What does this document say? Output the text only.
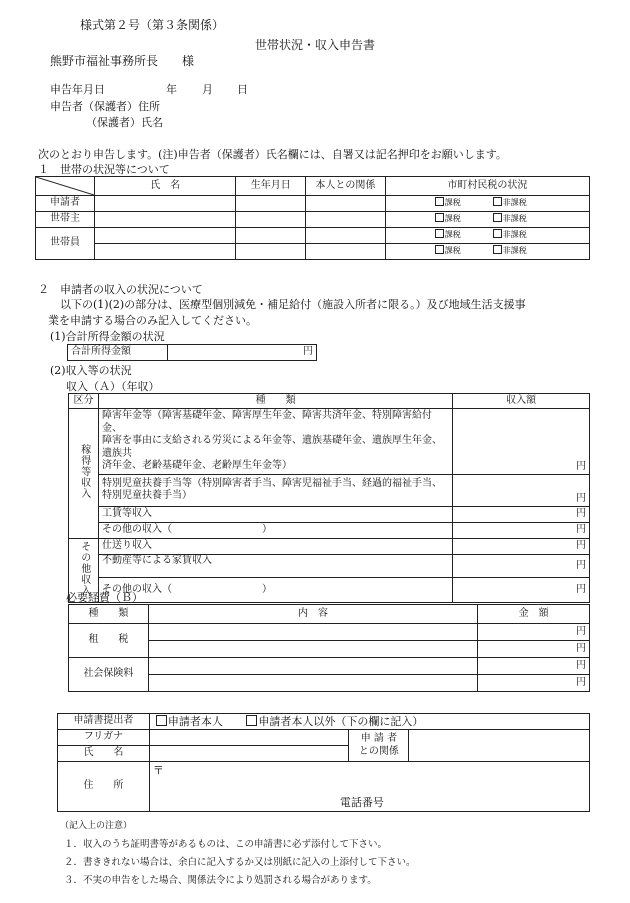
様式第２号（第３条関係）
世帯状況・収入申告書
熊野市福祉事務所長　　様
申告年月日	年 月 日
申告者（保護者）住所
（保護者）氏名
次のとおり申告します。(注)申告者（保護者）氏名欄には、自署又は記名押印をお願いします。
１　世帯の状況等について
	氏　名	生年月日	本人との関係	市町村民税の状況
申請者				課税 非課税
世帯主				課税 非課税
世帯員				課税 非課税
				課税 非課税
２　申請者の収入の状況について
以下の(1)(2)の部分は、医療型個別減免・補足給付（施設入所者に限る。）及び地域生活支援事
業を申請する場合のみ記入してください。
(1)合計所得金額の状況
合計所得金額	円
(2)収入等の状況
収入（Ａ）（年収）
区分	種　　類	収入額
稼得等収入	障害年金等（障害基礎年金、障害厚生年金、障害共済年金、特別障害給付金、
障害を事由に支給される労災による年金等、遺族基礎年金、遺族厚生年金、遺族共
済年金、老齢基礎年金、老齢厚生年金等）	円

	特別児童扶養手当等（特別障害者手当、障害児福祉手当、経過的福祉手当、
特別児童扶養手当）	円
	工賃等収入	円
	その他の収入（　　　　　　　　　）	円
その他収入	仕送り収入	円
	不動産等による家賃収入	円
	その他の収入（　　　　　　　　　）	円
必要経費（Ｂ）
種　　類	内　容	金　額
租　　税		円
		円
社会保険料		円
		円
申請書提出者	申請者本人 申請者本人以外（下の欄に記入）		
フリガナ		申 請 者
との関係	

氏　　名			
住　　所	〒
電話番号		
（記入上の注意）
１．収入のうち証明書等があるものは、この申請書に必ず添付して下さい。
２．書ききれない場合は、余白に記入するか又は別紙に記入の上添付して下さい。
３．不実の申告をした場合、関係法令により処罰される場合があります。
